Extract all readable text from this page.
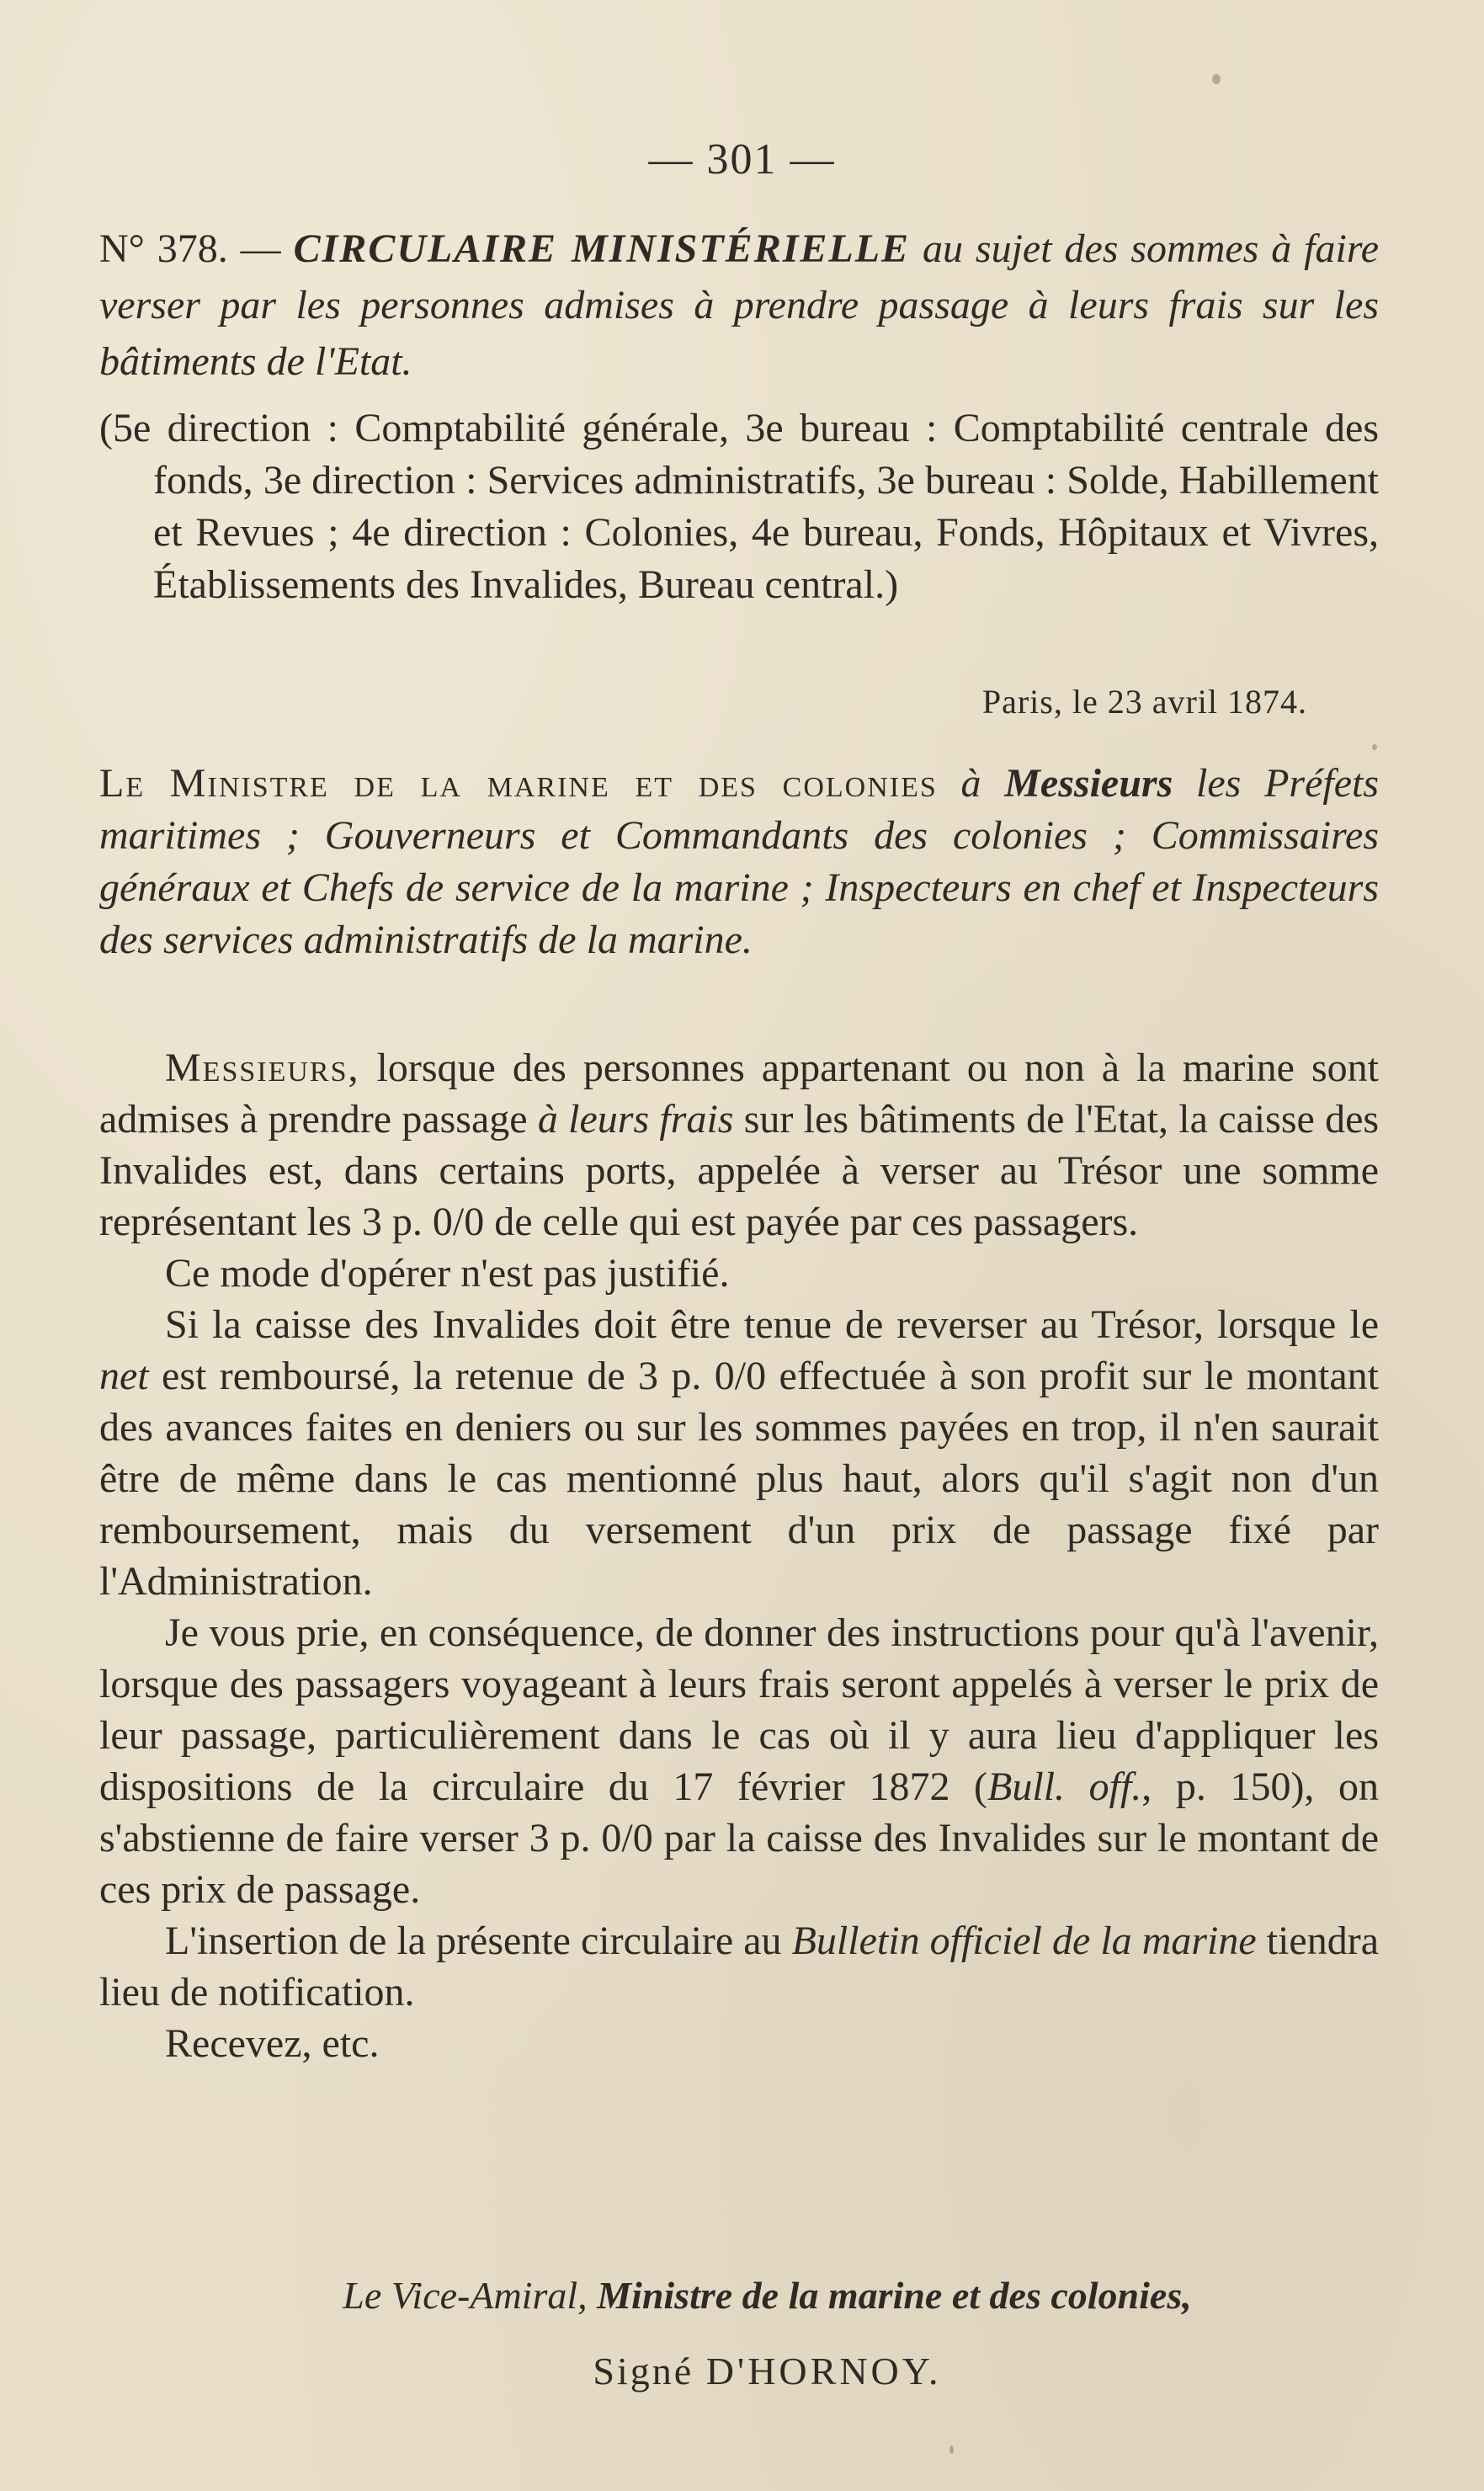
— 301 —
N° 378. — CIRCULAIRE MINISTÉRIELLE au sujet des sommes à faire verser par les personnes admises à prendre passage à leurs frais sur les bâtiments de l'Etat.
(5e direction : Comptabilité générale, 3e bureau : Comptabilité centrale des fonds, 3e direction : Services administratifs, 3e bureau : Solde, Habillement et Revues ; 4e direction : Colonies, 4e bureau, Fonds, Hôpitaux et Vivres, Établissements des Invalides, Bureau central.)
Paris, le 23 avril 1874.
Le Ministre de la marine et des colonies à Messieurs les Préfets maritimes ; Gouverneurs et Commandants des colonies ; Commissaires généraux et Chefs de service de la marine ; Inspecteurs en chef et Inspecteurs des services administratifs de la marine.

Messieurs, lorsque des personnes appartenant ou non à la marine sont admises à prendre passage à leurs frais sur les bâtiments de l'Etat, la caisse des Invalides est, dans certains ports, appelée à verser au Trésor une somme représentant les 3 p. 0/0 de celle qui est payée par ces passagers.

Ce mode d'opérer n'est pas justifié.

Si la caisse des Invalides doit être tenue de reverser au Trésor, lorsque le net est remboursé, la retenue de 3 p. 0/0 effectuée à son profit sur le montant des avances faites en deniers ou sur les sommes payées en trop, il n'en saurait être de même dans le cas mentionné plus haut, alors qu'il s'agit non d'un remboursement, mais du versement d'un prix de passage fixé par l'Administration.

Je vous prie, en conséquence, de donner des instructions pour qu'à l'avenir, lorsque des passagers voyageant à leurs frais seront appelés à verser le prix de leur passage, particulièrement dans le cas où il y aura lieu d'appliquer les dispositions de la circulaire du 17 février 1872 (Bull. off., p. 150), on s'abstienne de faire verser 3 p. 0/0 par la caisse des Invalides sur le montant de ces prix de passage.

L'insertion de la présente circulaire au Bulletin officiel de la marine tiendra lieu de notification.

Recevez, etc.

Le Vice-Amiral, Ministre de la marine et des colonies,
Signé D'HORNOY.
